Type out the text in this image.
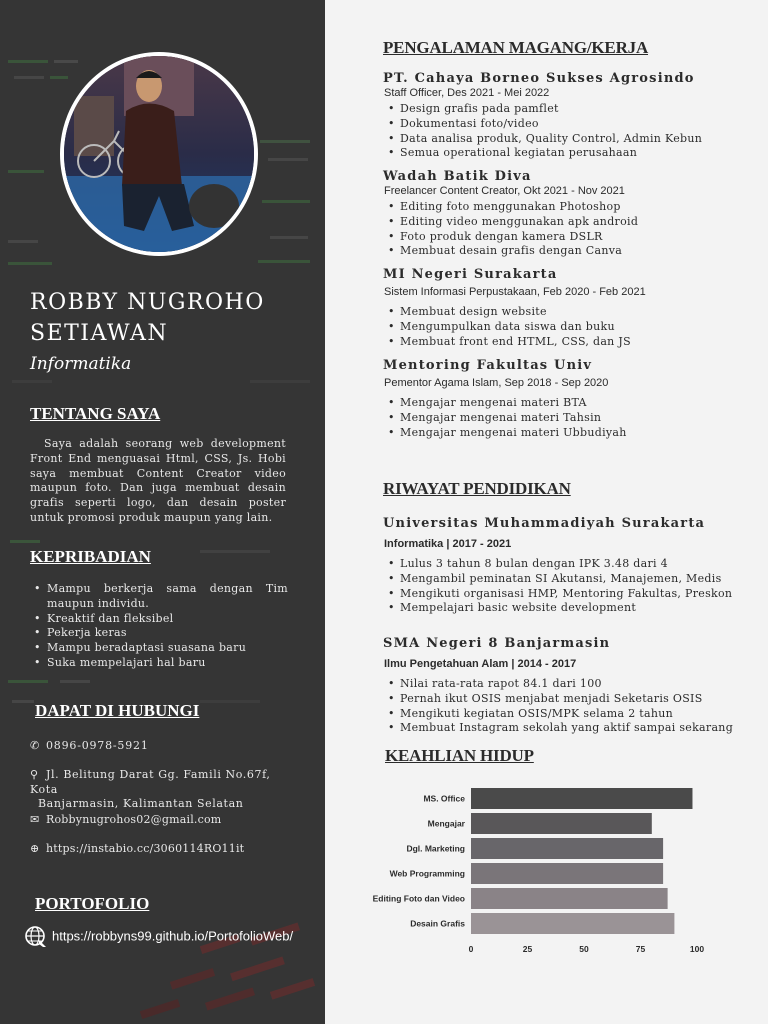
ROBBY NUGROHO
SETIAWAN
Informatika
TENTANG SAYA
Saya adalah seorang web development Front End menguasai Html, CSS, Js. Hobi saya membuat Content Creator video maupun foto. Dan juga membuat desain grafis seperti logo, dan desain poster untuk promosi produk maupun yang lain.
KEPRIBADIAN
• Mampu berkerja sama dengan Tim maupun individu.
• Kreaktif dan fleksibel
• Pekerja keras
• Mampu beradaptasi suasana baru
• Suka mempelajari hal baru
DAPAT DI HUBUNGI
✆ 0896-0978-5921
⚲ Jl. Belitung Darat Gg. Famili No.67f, Kota
Banjarmasin, Kalimantan Selatan
✉ Robbynugrohos02@gmail.com
⊕ https://instabio.cc/3060114RO11it
PORTOFOLIO
https://robbyns99.github.io/PortofolioWeb/
PENGALAMAN MAGANG/KERJA
PT. Cahaya Borneo Sukses Agrosindo
Staff Officer, Des 2021 - Mei 2022
• Design grafis pada pamflet
• Dokumentasi foto/video
• Data analisa produk, Quality Control, Admin Kebun
• Semua operational kegiatan perusahaan
Wadah Batik Diva
Freelancer Content Creator, Okt 2021 - Nov 2021
• Editing foto menggunakan Photoshop
• Editing video menggunakan apk android
• Foto produk dengan kamera DSLR
• Membuat desain grafis dengan Canva
MI Negeri Surakarta
Sistem Informasi Perpustakaan, Feb 2020 - Feb 2021
• Membuat design website
• Mengumpulkan data siswa dan buku
• Membuat front end HTML, CSS, dan JS
Mentoring Fakultas Univ
Pementor Agama Islam, Sep 2018 - Sep 2020
• Mengajar mengenai materi BTA
• Mengajar mengenai materi Tahsin
• Mengajar mengenai materi Ubbudiyah
RIWAYAT PENDIDIKAN
Universitas Muhammadiyah Surakarta
Informatika | 2017 - 2021
• Lulus 3 tahun 8 bulan dengan IPK 3.48 dari 4
• Mengambil peminatan SI Akutansi, Manajemen, Medis
• Mengikuti organisasi HMP, Mentoring Fakultas, Preskon
• Mempelajari basic website development
SMA Negeri 8 Banjarmasin
Ilmu Pengetahuan Alam | 2014 - 2017
• Nilai rata-rata rapot 84.1 dari 100
• Pernah ikut OSIS menjabat menjadi Seketaris OSIS
• Mengikuti kegiatan OSIS/MPK selama 2 tahun
• Membuat Instagram sekolah yang aktif sampai sekarang
KEAHLIAN HIDUP
MS. Office
Mengajar
Dgl. Marketing
Web Programming
Editing Foto dan Video
Desain Grafis
0	25	50	75	100
